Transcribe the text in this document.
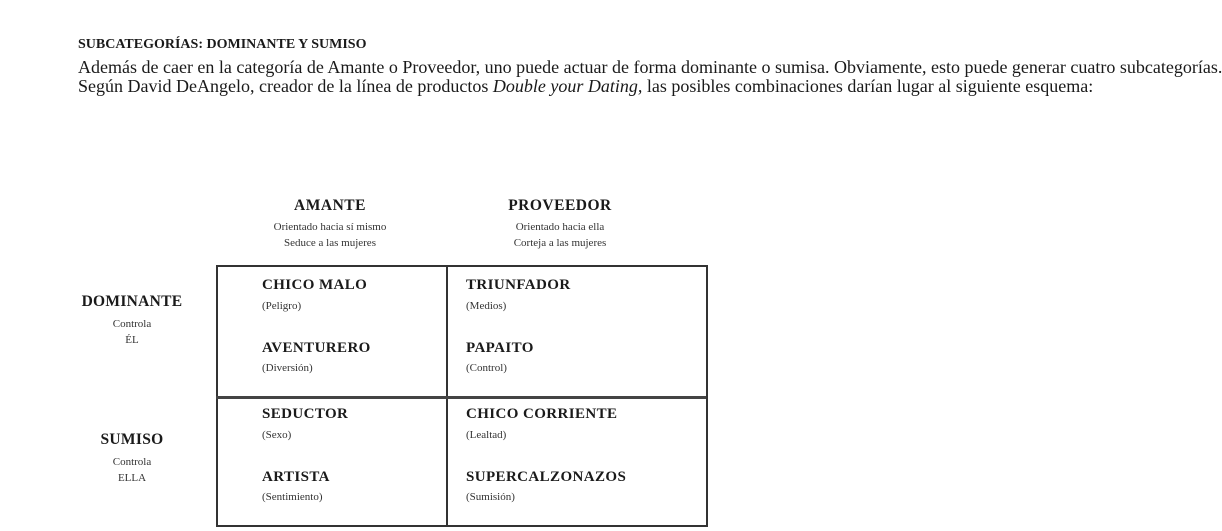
SUBCATEGORÍAS: DOMINANTE Y SUMISO

Además de caer en la categoría de Amante o Proveedor, uno puede actuar de forma dominante o sumisa. Obviamente, esto puede generar cuatro subcategorías.

Según David DeAngelo, creador de la línea de productos Double your Dating, las posibles combinaciones darían lugar al siguiente esquema:

AMANTE
Orientado hacia sí mismo
Seduce a las mujeres
PROVEEDOR
Orientado hacia ella
Corteja a las mujeres
DOMINANTE
Controla
ÉL
SUMISO
Controla
ELLA
CHICO MALO
(Peligro)
AVENTURERO
(Diversión)
TRIUNFADOR
(Medios)
PAPAITO
(Control)
SEDUCTOR
(Sexo)
ARTISTA
(Sentimiento)
CHICO CORRIENTE
(Lealtad)
SUPERCALZONAZOS
(Sumisión)
